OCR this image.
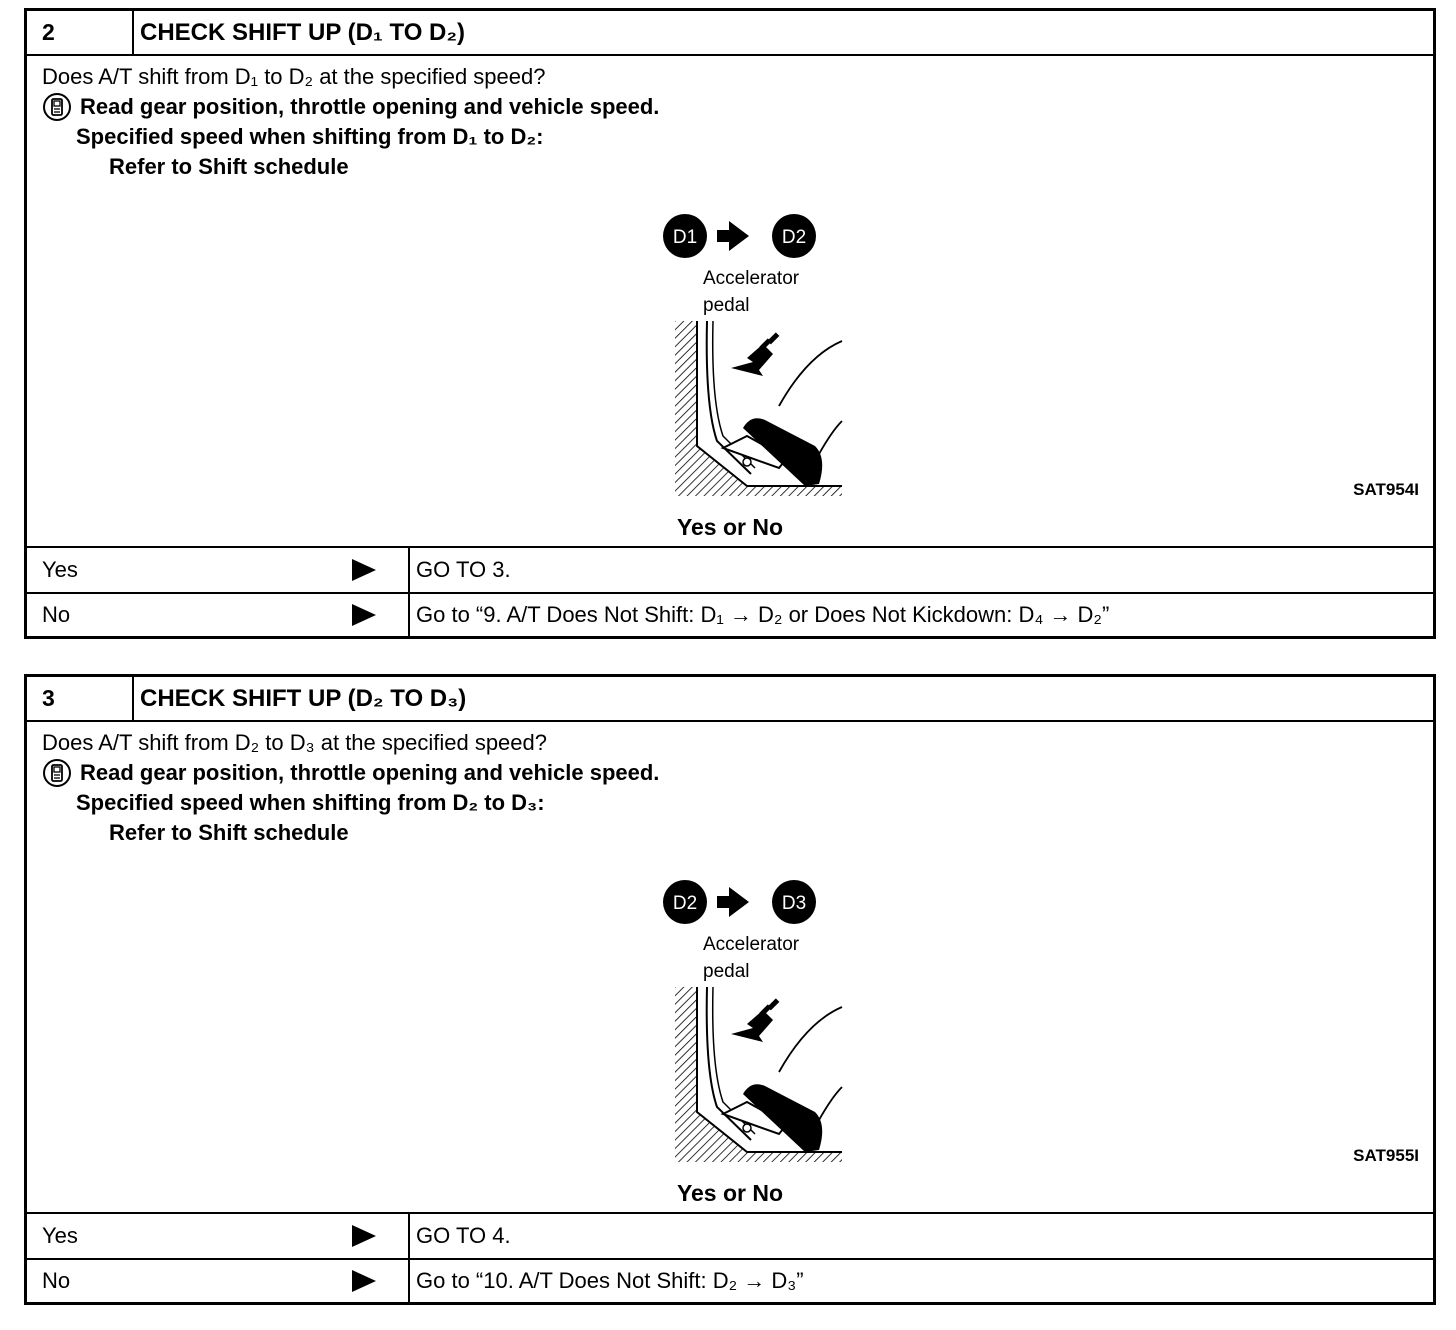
2	CHECK SHIFT UP (D₁ TO D₂)
Does A/T shift from D₁ to D₂ at the specified speed?
Read gear position, throttle opening and vehicle speed.
Specified speed when shifting from D₁ to D₂:
Refer to Shift schedule
D1	D2
Accelerator
pedal
SAT954I
Yes or No
Yes	GO TO 3.
No	Go to “9. A/T Does Not Shift: D₁ → D₂ or Does Not Kickdown: D₄ → D₂”
3	CHECK SHIFT UP (D₂ TO D₃)
Does A/T shift from D₂ to D₃ at the specified speed?
Read gear position, throttle opening and vehicle speed.
Specified speed when shifting from D₂ to D₃:
Refer to Shift schedule
D2	D3
Accelerator
pedal
SAT955I
Yes or No
Yes	GO TO 4.
No	Go to “10. A/T Does Not Shift: D₂ → D₃”
